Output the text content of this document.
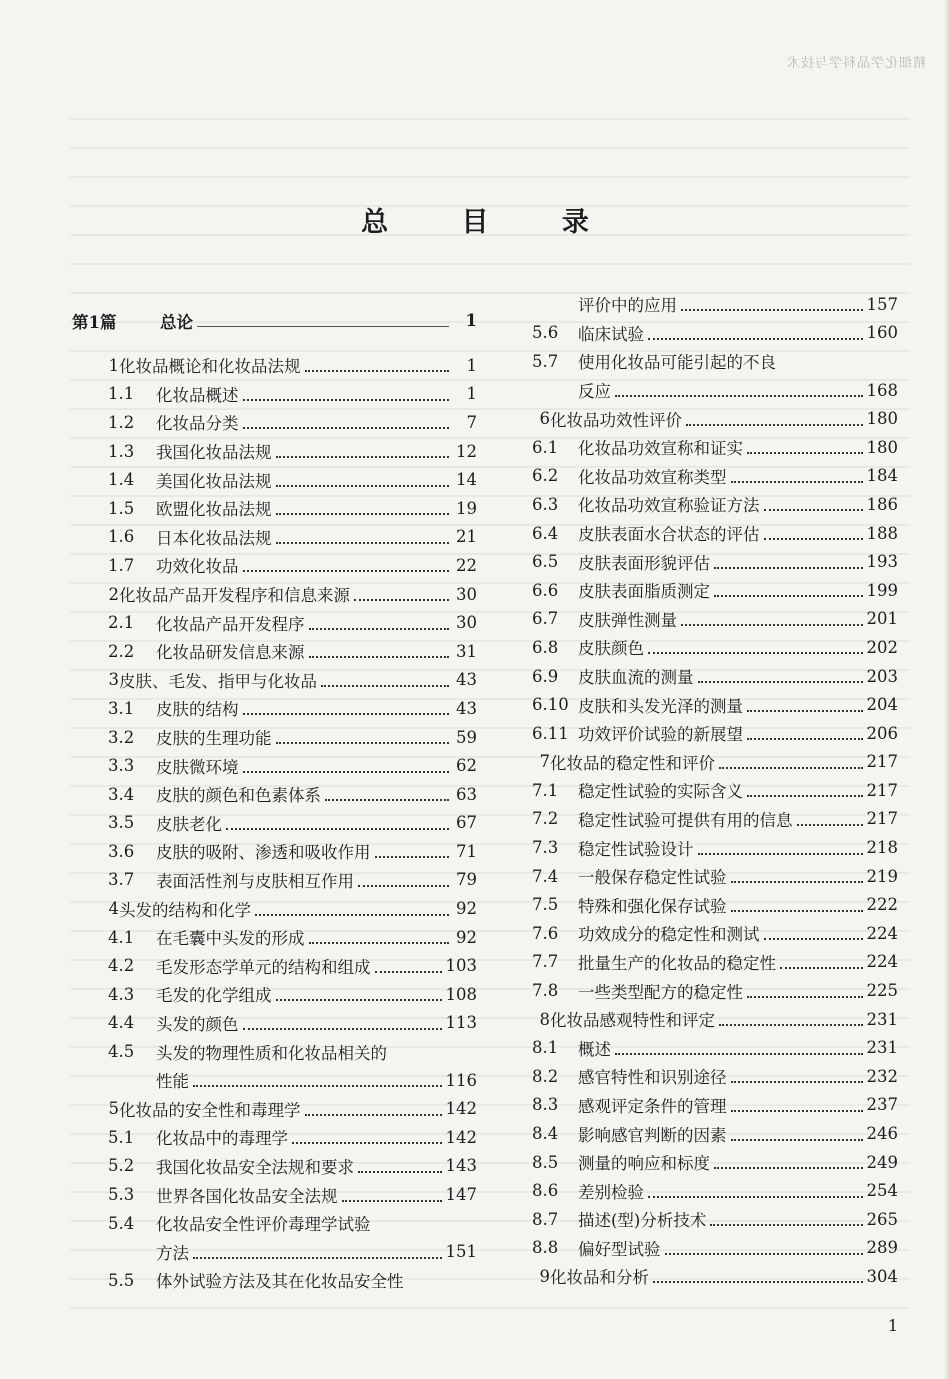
精细化学品科学与技术
总 目 录
第1篇	总论	1
1 化妆品概论和化妆品法规	1
1.1	化妆品概述	1
1.2	化妆品分类	7
1.3	我国化妆品法规	12
1.4	美国化妆品法规	14
1.5	欧盟化妆品法规	19
1.6	日本化妆品法规	21
1.7	功效化妆品	22
2 化妆品产品开发程序和信息来源	30
2.1	化妆品产品开发程序	30
2.2	化妆品研发信息来源	31
3 皮肤、毛发、指甲与化妆品	43
3.1	皮肤的结构	43
3.2	皮肤的生理功能	59
3.3	皮肤微环境	62
3.4	皮肤的颜色和色素体系	63
3.5	皮肤老化	67
3.6	皮肤的吸附、渗透和吸收作用	71
3.7	表面活性剂与皮肤相互作用	79
4 头发的结构和化学	92
4.1	在毛囊中头发的形成	92
4.2	毛发形态学单元的结构和组成	103
4.3	毛发的化学组成	108
4.4	头发的颜色	113
4.5	头发的物理性质和化妆品相关的
性能	116
5 化妆品的安全性和毒理学	142
5.1	化妆品中的毒理学	142
5.2	我国化妆品安全法规和要求	143
5.3	世界各国化妆品安全法规	147
5.4	化妆品安全性评价毒理学试验
方法	151
5.5	体外试验方法及其在化妆品安全性
评价中的应用	157
5.6	临床试验	160
5.7	使用化妆品可能引起的不良
反应	168
6 化妆品功效性评价	180
6.1	化妆品功效宣称和证实	180
6.2	化妆品功效宣称类型	184
6.3	化妆品功效宣称验证方法	186
6.4	皮肤表面水合状态的评估	188
6.5	皮肤表面形貌评估	193
6.6	皮肤表面脂质测定	199
6.7	皮肤弹性测量	201
6.8	皮肤颜色	202
6.9	皮肤血流的测量	203
6.10 皮肤和头发光泽的测量	204
6.11 功效评价试验的新展望	206
7 化妆品的稳定性和评价	217
7.1	稳定性试验的实际含义	217
7.2	稳定性试验可提供有用的信息	217
7.3	稳定性试验设计	218
7.4	一般保存稳定性试验	219
7.5	特殊和强化保存试验	222
7.6	功效成分的稳定性和测试	224
7.7	批量生产的化妆品的稳定性	224
7.8	一些类型配方的稳定性	225
8 化妆品感观特性和评定	231
8.1	概述	231
8.2	感官特性和识别途径	232
8.3	感观评定条件的管理	237
8.4	影响感官判断的因素	246
8.5	测量的响应和标度	249
8.6	差别检验	254
8.7	描述(型)分析技术	265
8.8	偏好型试验	289
9 化妆品和分析	304
1
